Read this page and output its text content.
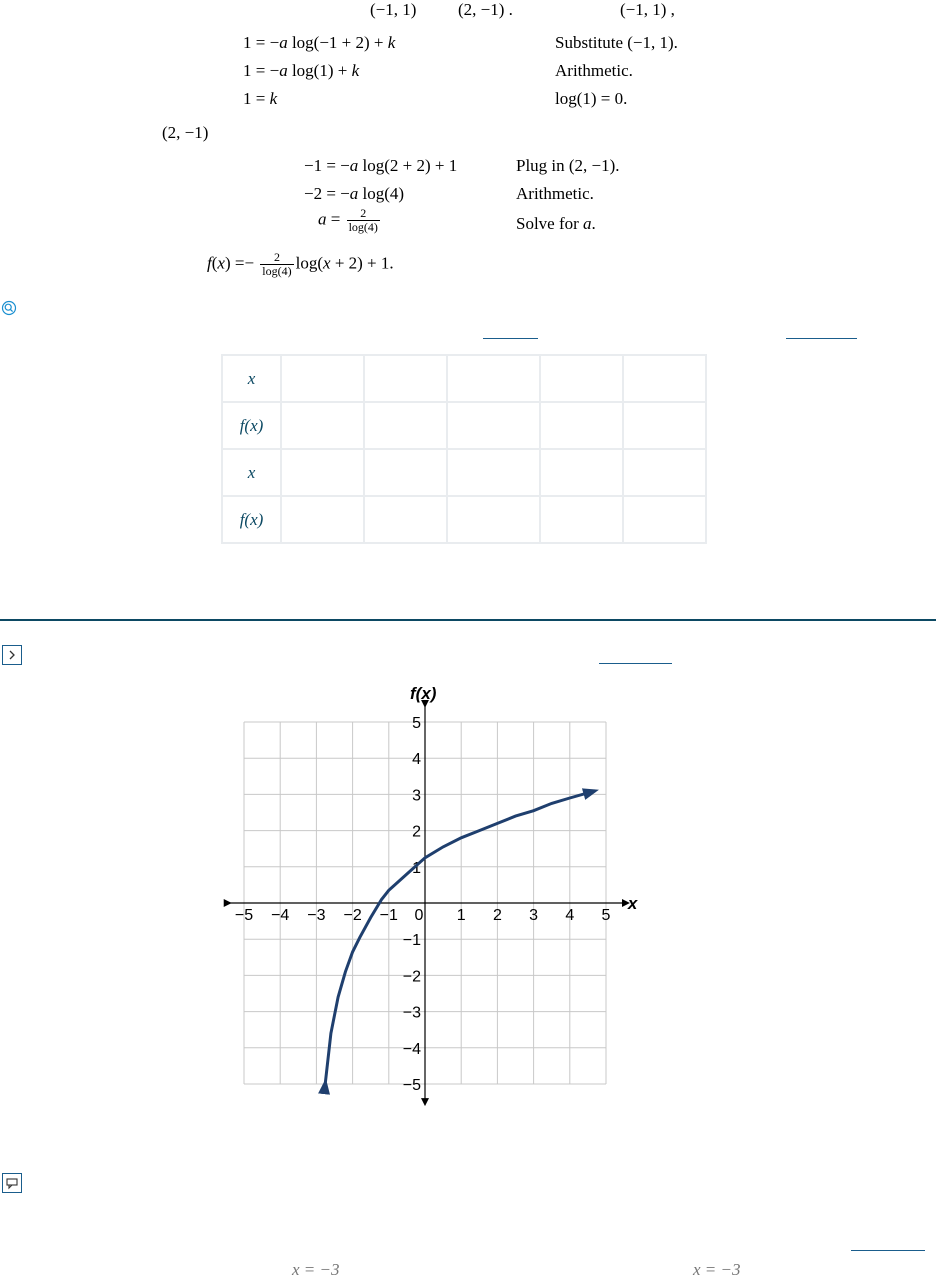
(−1, 1) (2, −1) .	(−1, 1) ,
1 = −a log(−1 + 2) + k	Substitute (−1, 1).
1 = −a log(1) + k	Arithmetic.
1 = k	log(1) = 0.
(2, −1)
−1 = −a log(2 + 2) + 1	Plug in (2, −1).
−2 = −a log(4)	Arithmetic.
$a = \frac{2}{\log(4)}$	Solve for a.
$f(x) =- \frac{2}{\log(4)} \log(x + 2) + 1$.
x					
f(x)					
x					
f(x)					
−5 −4 −3 −2 −1 0 1 2 3 4 5
1
2
3
4
5
−1
−2
−3
−4
−5
f(x)
x
x = −3	x = −3
